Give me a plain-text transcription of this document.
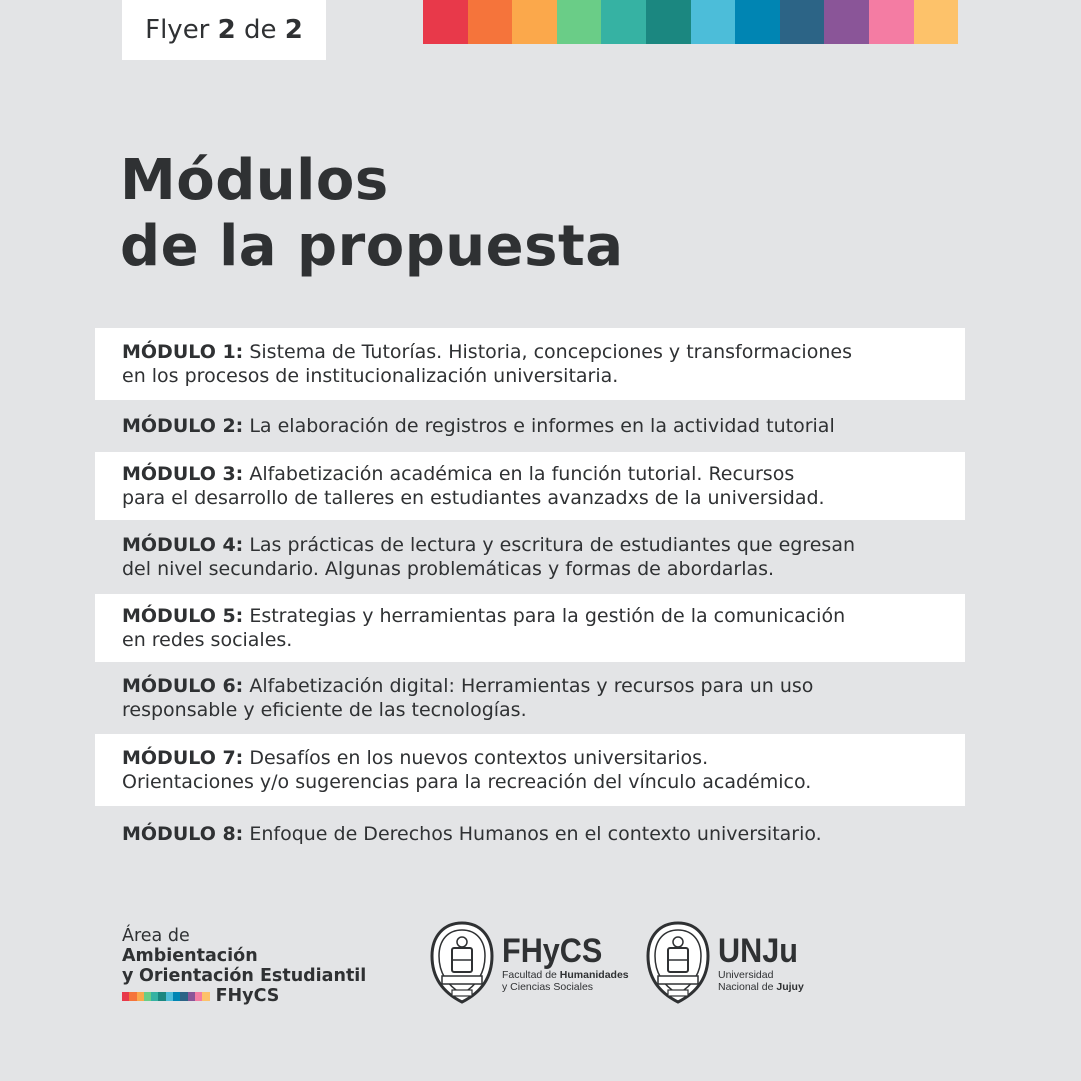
Flyer
2
de
2
Módulos
de la propuesta
MÓDULO 1: Sistema de Tutorías. Historia, concepciones y transformaciones
en los procesos de institucionalización universitaria.
MÓDULO 2: La elaboración de registros e informes en la actividad tutorial
MÓDULO 3: Alfabetización académica en la función tutorial. Recursos
para el desarrollo de talleres en estudiantes avanzadxs de la universidad.
MÓDULO 4: Las prácticas de lectura y escritura de estudiantes que egresan
del nivel secundario. Algunas problemáticas y formas de abordarlas.
MÓDULO 5: Estrategias y herramientas para la gestión de la comunicación
en redes sociales.
MÓDULO 6: Alfabetización digital: Herramientas y recursos para un uso
responsable y eficiente de las tecnologías.
MÓDULO 7: Desafíos en los nuevos contextos universitarios.
Orientaciones y/o sugerencias para la recreación del vínculo académico.
MÓDULO 8: Enfoque de Derechos Humanos en el contexto universitario.
Área de
Ambientación
y Orientación Estudiantil
FHyCS
FHyCS
Facultad de Humanidades
y Ciencias Sociales
UNJu
Universidad
Nacional de Jujuy
